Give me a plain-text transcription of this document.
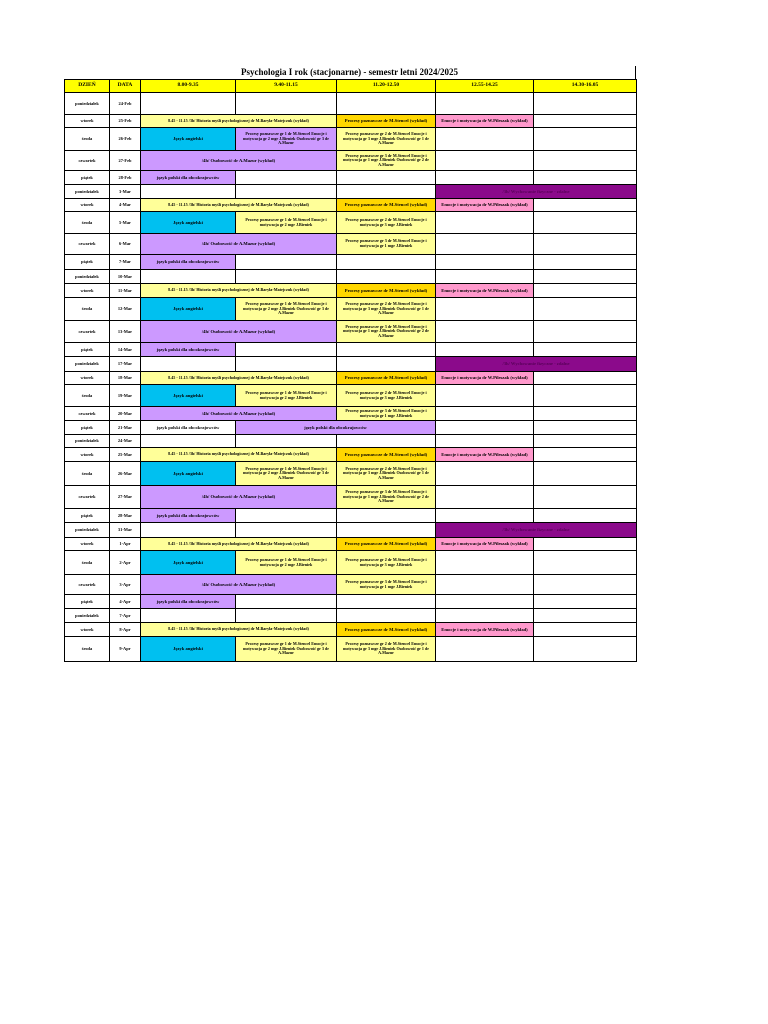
Psychologia I rok (stacjonarne) - semestr letni 2024/2025
DZIEŃ	DATA	8.00-9.35	9.40-11.15	11.20-12.50	12.55-14.25	14.30-16.05
poniedziałek	24-Feb					
wtorek	25-Feb	8.45 - 11.15 /3h/ Historia myśli psychologicznej dr M.Baryła-Matejczuk (wykład)		Procesy poznawcze dr M.Stencel (wykład)	Emocje i motywacja dr W.Pileszak (wykład)	
środa	26-Feb	Język angielski	Procesy poznawcze gr 1 dr M.Stencel Emocje i motywacja gr 2 mgr J.Bieniek Osobowość gr 3 dr A.Mazur	Procesy poznawcze gr 2 dr M.Stencel Emocje i motywacja gr 3 mgr J.Bieniek Osobowość gr 1 dr A.Mazur		
czwartek	27-Feb	/4h/ Osobowość dr A.Mazur (wykład)		Procesy poznawcze gr 3 dr M.Stencel Emocje i motywacja gr 1 mgr J.Bieniek Osobowość gr 2 dr A.Mazur		
piątek	28-Feb	język polski dla obcokrajowców				
poniedziałek	3-Mar				/3h/ Wychowanie fizyczne - zdalne	
wtorek	4-Mar	8.45 - 11.15 /3h/ Historia myśli psychologicznej dr M.Baryła-Matejczuk (wykład)		Procesy poznawcze dr M.Stencel (wykład)	Emocje i motywacja dr W.Pileszak (wykład)	
środa	5-Mar	Język angielski	Procesy poznawcze gr 1 dr M.Stencel Emocje i motywacja gr 2 mgr J.Bieniek	Procesy poznawcze gr 2 dr M.Stencel Emocje i motywacja gr 3 mgr J.Bieniek		
czwartek	6-Mar	/4h/ Osobowość dr A.Mazur (wykład)		Procesy poznawcze gr 3 dr M.Stencel Emocje i motywacja gr 1 mgr J.Bieniek		
piątek	7-Mar	język polski dla obcokrajowców				
poniedziałek	10-Mar					
wtorek	11-Mar	8.45 - 11.15 /3h/ Historia myśli psychologicznej dr M.Baryła-Matejczuk (wykład)		Procesy poznawcze dr M.Stencel (wykład)	Emocje i motywacja dr W.Pileszak (wykład)	
środa	12-Mar	Język angielski	Procesy poznawcze gr 1 dr M.Stencel Emocje i motywacja gr 2 mgr J.Bieniek Osobowość gr 3 dr A.Mazur	Procesy poznawcze gr 2 dr M.Stencel Emocje i motywacja gr 3 mgr J.Bieniek Osobowość gr 1 dr A.Mazur		
czwartek	13-Mar	/4h/ Osobowość dr A.Mazur (wykład)		Procesy poznawcze gr 3 dr M.Stencel Emocje i motywacja gr 1 mgr J.Bieniek Osobowość gr 2 dr A.Mazur		
piątek	14-Mar	język polski dla obcokrajowców				
poniedziałek	17-Mar				/3h/ Wychowanie fizyczne - zdalne	
wtorek	18-Mar	8.45 - 11.15 /3h/ Historia myśli psychologicznej dr M.Baryła-Matejczuk (wykład)		Procesy poznawcze dr M.Stencel (wykład)	Emocje i motywacja dr W.Pileszak (wykład)	
środa	19-Mar	Język angielski	Procesy poznawcze gr 1 dr M.Stencel Emocje i motywacja gr 2 mgr J.Bieniek	Procesy poznawcze gr 2 dr M.Stencel Emocje i motywacja gr 3 mgr J.Bieniek		
czwartek	20-Mar	/4h/ Osobowość dr A.Mazur (wykład)		Procesy poznawcze gr 3 dr M.Stencel Emocje i motywacja gr 1 mgr J.Bieniek		
piątek	21-Mar	język polski dla obcokrajowców	język polski dla obcokrajowców			
poniedziałek	24-Mar					
wtorek	25-Mar	8.45 - 11.15 /3h/ Historia myśli psychologicznej dr M.Baryła-Matejczuk (wykład)		Procesy poznawcze dr M.Stencel (wykład)	Emocje i motywacja dr W.Pileszak (wykład)	
środa	26-Mar	Język angielski	Procesy poznawcze gr 1 dr M.Stencel Emocje i motywacja gr 2 mgr J.Bieniek Osobowość gr 3 dr A.Mazur	Procesy poznawcze gr 2 dr M.Stencel Emocje i motywacja gr 3 mgr J.Bieniek Osobowość gr 1 dr A.Mazur		
czwartek	27-Mar	/4h/ Osobowość dr A.Mazur (wykład)		Procesy poznawcze gr 3 dr M.Stencel Emocje i motywacja gr 1 mgr J.Bieniek Osobowość gr 2 dr A.Mazur		
piątek	28-Mar	język polski dla obcokrajowców				
poniedziałek	31-Mar				/3h/ Wychowanie fizyczne - zdalne	
wtorek	1-Apr	8.45 - 11.15 /3h/ Historia myśli psychologicznej dr M.Baryła-Matejczuk (wykład)		Procesy poznawcze dr M.Stencel (wykład)	Emocje i motywacja dr W.Pileszak (wykład)	
środa	2-Apr	Język angielski	Procesy poznawcze gr 1 dr M.Stencel Emocje i motywacja gr 2 mgr J.Bieniek	Procesy poznawcze gr 2 dr M.Stencel Emocje i motywacja gr 3 mgr J.Bieniek		
czwartek	3-Apr	/4h/ Osobowość dr A.Mazur (wykład)		Procesy poznawcze gr 3 dr M.Stencel Emocje i motywacja gr 1 mgr J.Bieniek		
piątek	4-Apr	język polski dla obcokrajowców				
poniedziałek	7-Apr					
wtorek	8-Apr	8.45 - 11.15 /3h/ Historia myśli psychologicznej dr M.Baryła-Matejczuk (wykład)		Procesy poznawcze dr M.Stencel (wykład)	Emocje i motywacja dr W.Pileszak (wykład)	
środa	9-Apr	Język angielski	Procesy poznawcze gr 1 dr M.Stencel Emocje i motywacja gr 2 mgr J.Bieniek Osobowość gr 3 dr A.Mazur	Procesy poznawcze gr 2 dr M.Stencel Emocje i motywacja gr 3 mgr J.Bieniek Osobowość gr 1 dr A.Mazur		
